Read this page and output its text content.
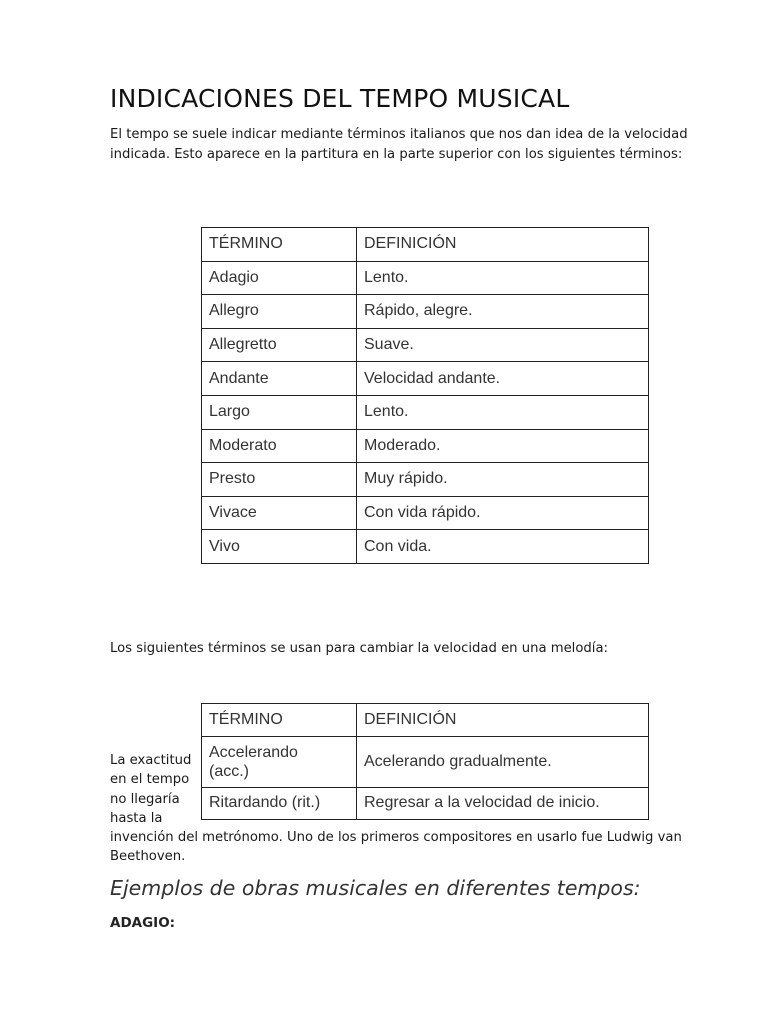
INDICACIONES DEL TEMPO MUSICAL

El tempo se suele indicar mediante términos italianos que nos dan idea de la velocidad
indicada. Esto aparece en la partitura en la parte superior con los siguientes términos:

TÉRMINO	DEFINICIÓN
Adagio	Lento.
Allegro	Rápido, alegre.
Allegretto	Suave.
Andante	Velocidad andante.
Largo	Lento.
Moderato	Moderado.
Presto	Muy rápido.
Vivace	Con vida rápido.
Vivo	Con vida.

Los siguientes términos se usan para cambiar la velocidad en una melodía:

TÉRMINO	DEFINICIÓN
Accelerando
(acc.)	Acelerando gradualmente.
Ritardando (rit.)	Regresar a la velocidad de inicio.
La exactitud
en el tempo
no llegaría
hasta la
invención del metrónomo. Uno de los primeros compositores en usarlo fue Ludwig van
Beethoven.
Ejemplos de obras musicales en diferentes tempos:
ADAGIO:
